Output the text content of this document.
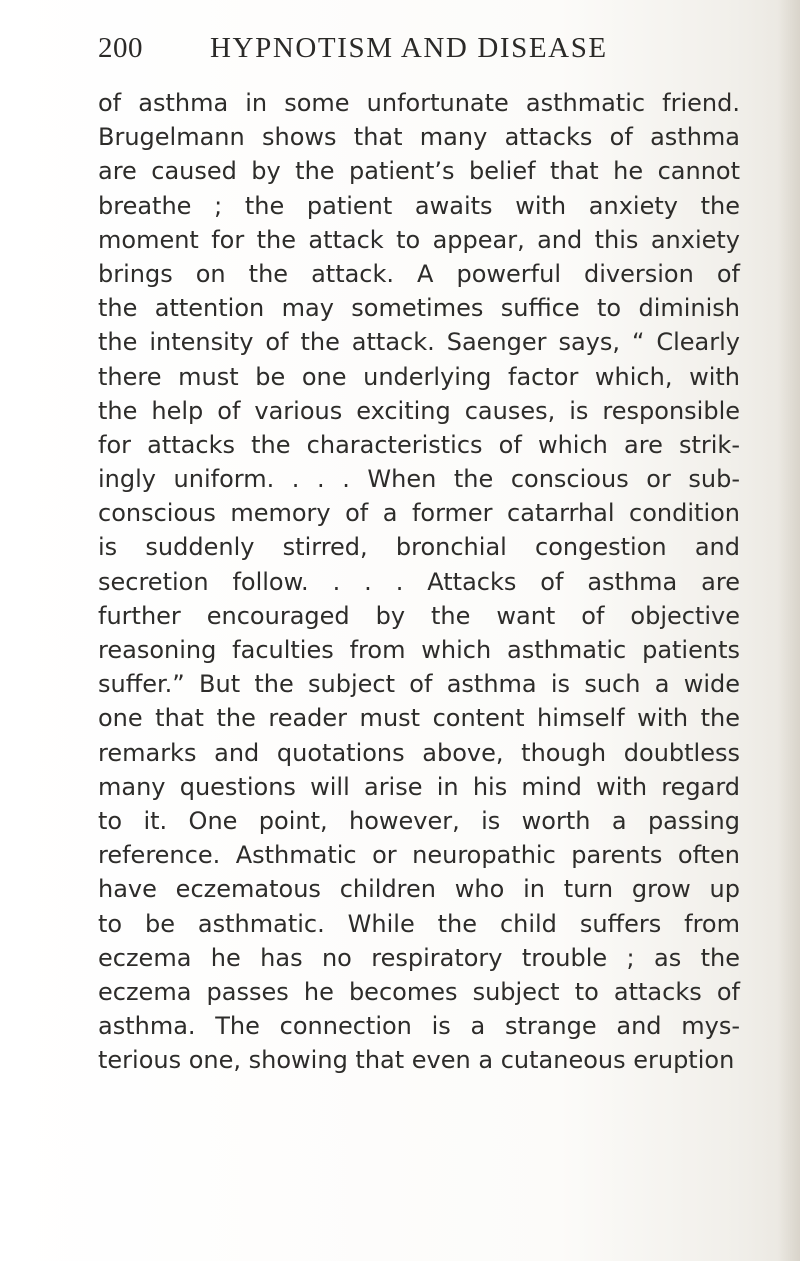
200 HYPNOTISM AND DISEASE
of asthma in some unfortunate asthmatic friend.
Brugelmann shows that many attacks of asthma
are caused by the patient’s belief that he cannot
breathe ; the patient awaits with anxiety the
moment for the attack to appear, and this anxiety
brings on the attack. A powerful diversion of
the attention may sometimes suffice to diminish
the intensity of the attack. Saenger says, “ Clearly
there must be one underlying factor which, with
the help of various exciting causes, is responsible
for attacks the characteristics of which are strik-
ingly uniform. . . . When the conscious or sub-
conscious memory of a former catarrhal condition
is suddenly stirred, bronchial congestion and
secretion follow. . . . Attacks of asthma are
further encouraged by the want of objective
reasoning faculties from which asthmatic patients
suffer.” But the subject of asthma is such a wide
one that the reader must content himself with the
remarks and quotations above, though doubtless
many questions will arise in his mind with regard
to it. One point, however, is worth a passing
reference. Asthmatic or neuropathic parents often
have eczematous children who in turn grow up
to be asthmatic. While the child suffers from
eczema he has no respiratory trouble ; as the
eczema passes he becomes subject to attacks of
asthma. The connection is a strange and mys-
terious one, showing that even a cutaneous eruption
